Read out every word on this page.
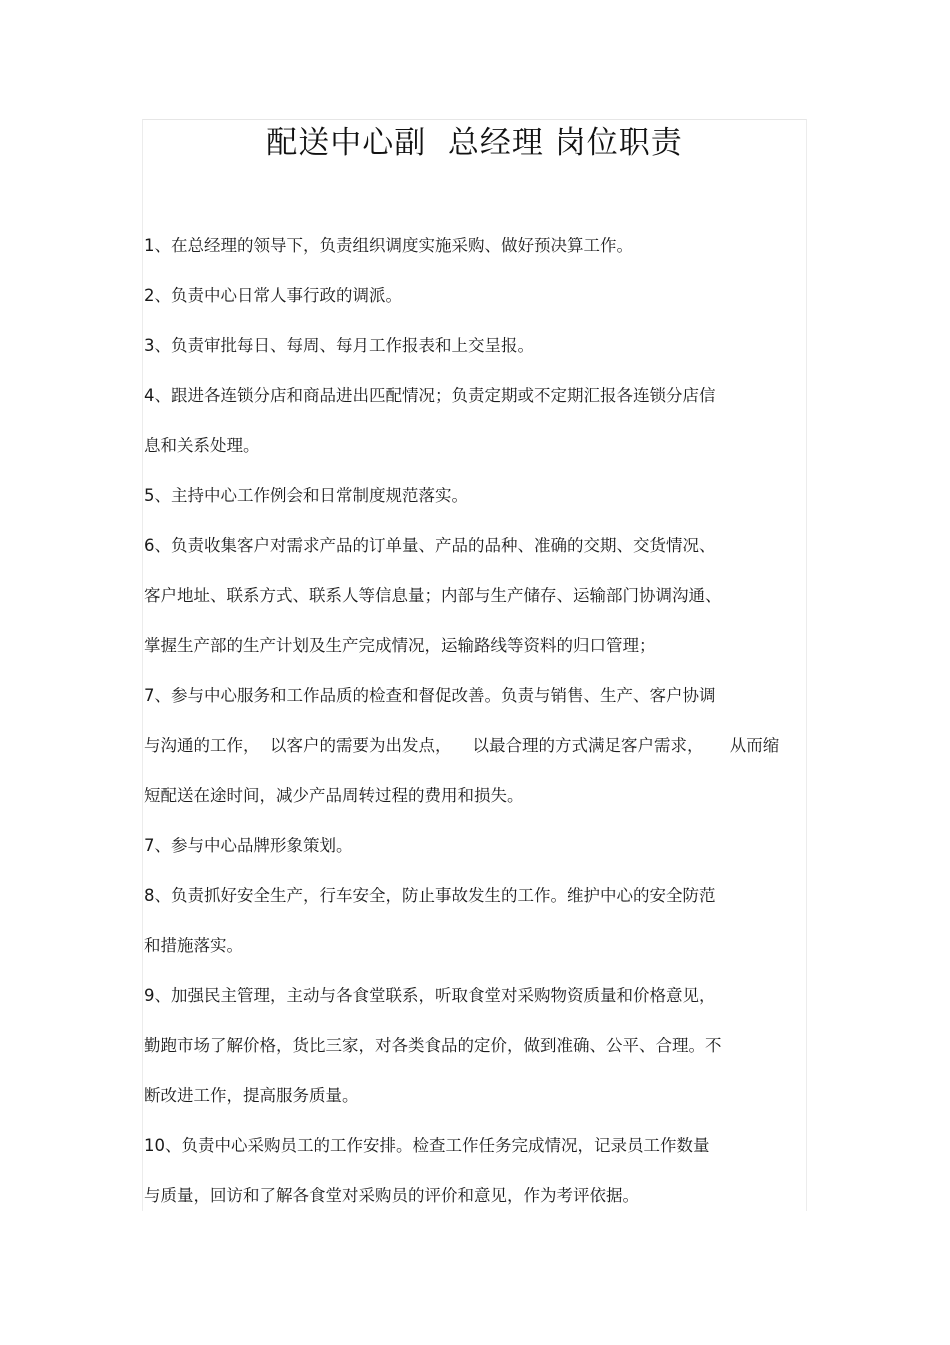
配送中心副  总经理 岗位职责
1、在总经理的领导下，负责组织调度实施采购、做好预决算工作。
2、负责中心日常人事行政的调派。
3、负责审批每日、每周、每月工作报表和上交呈报。
4、跟进各连锁分店和商品进出匹配情况；负责定期或不定期汇报各连锁分店信
息和关系处理。
5、主持中心工作例会和日常制度规范落实。
6、负责收集客户对需求产品的订单量、产品的品种、准确的交期、交货情况、
客户地址、联系方式、联系人等信息量；内部与生产储存、运输部门协调沟通、
掌握生产部的生产计划及生产完成情况，运输路线等资料的归口管理；
7、参与中心服务和工作品质的检查和督促改善。负责与销售、生产、客户协调
与沟通的工作，  以客户的需要为出发点，    以最合理的方式满足客户需求，     从而缩
短配送在途时间，减少产品周转过程的费用和损失。
7、参与中心品牌形象策划。
8、负责抓好安全生产，行车安全，防止事故发生的工作。维护中心的安全防范
和措施落实。
9、加强民主管理，主动与各食堂联系，听取食堂对采购物资质量和价格意见，
勤跑市场了解价格，货比三家，对各类食品的定价，做到准确、公平、合理。不
断改进工作，提高服务质量。
10、负责中心采购员工的工作安排。检查工作任务完成情况，记录员工作数量
与质量，回访和了解各食堂对采购员的评价和意见，作为考评依据。
